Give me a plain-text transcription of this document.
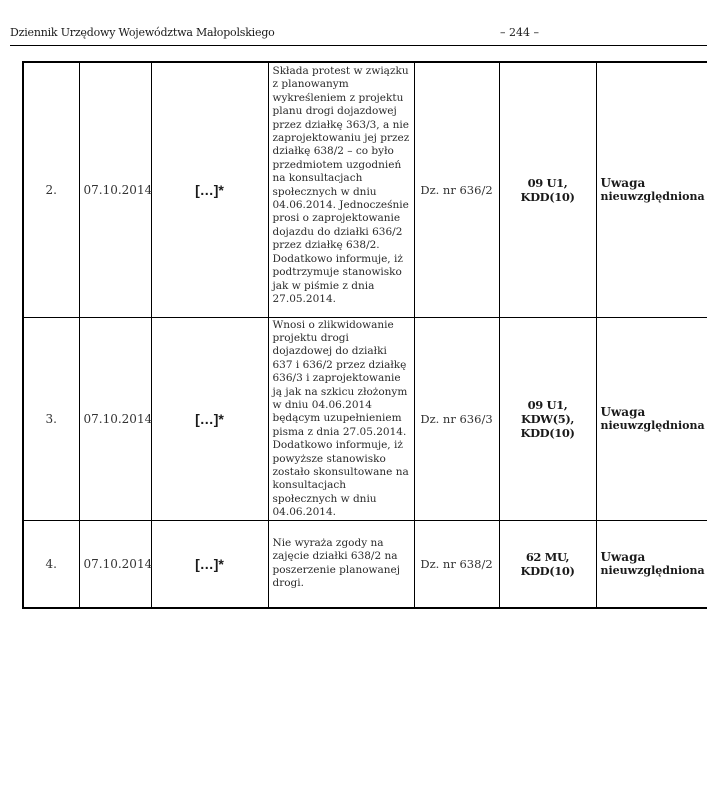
Dziennik Urzędowy Województwa Małopolskiego	– 244 –
2.	07.10.2014	[…]*	Składa protest w związku z planowanym wykreśleniem z projektu planu drogi dojazdowej przez działkę 363/3, a nie zaprojektowaniu jej przez działkę 638/2 – co było przedmiotem uzgodnień na konsultacjach społecznych w dniu 04.06.2014. Jednocześnie prosi o zaprojektowanie dojazdu do działki 636/2 przez działkę 638/2. Dodatkowo informuje, iż podtrzymuje stanowisko jak w piśmie z dnia 27.05.2014.	Dz. nr 636/2	09 U1, KDD(10)	Uwaga
nieuwzględniona

3.	07.10.2014	[…]*	Wnosi o zlikwidowanie projektu drogi dojazdowej do działki 637 i 636/2 przez działkę 636/3 i zaprojektowanie ją jak na szkicu złożonym w dniu 04.06.2014 będącym uzupełnieniem pisma z dnia 27.05.2014. Dodatkowo informuje, iż powyższe stanowisko zostało skonsultowane na konsultacjach społecznych w dniu 04.06.2014.	Dz. nr 636/3	09 U1, KDW(5), KDD(10)	Uwaga
nieuwzględniona

4.	07.10.2014	[…]*	Nie wyraża zgody na zajęcie działki 638/2 na poszerzenie planowanej drogi.	Dz. nr 638/2	62 MU, KDD(10)	Uwaga
nieuwzględniona
